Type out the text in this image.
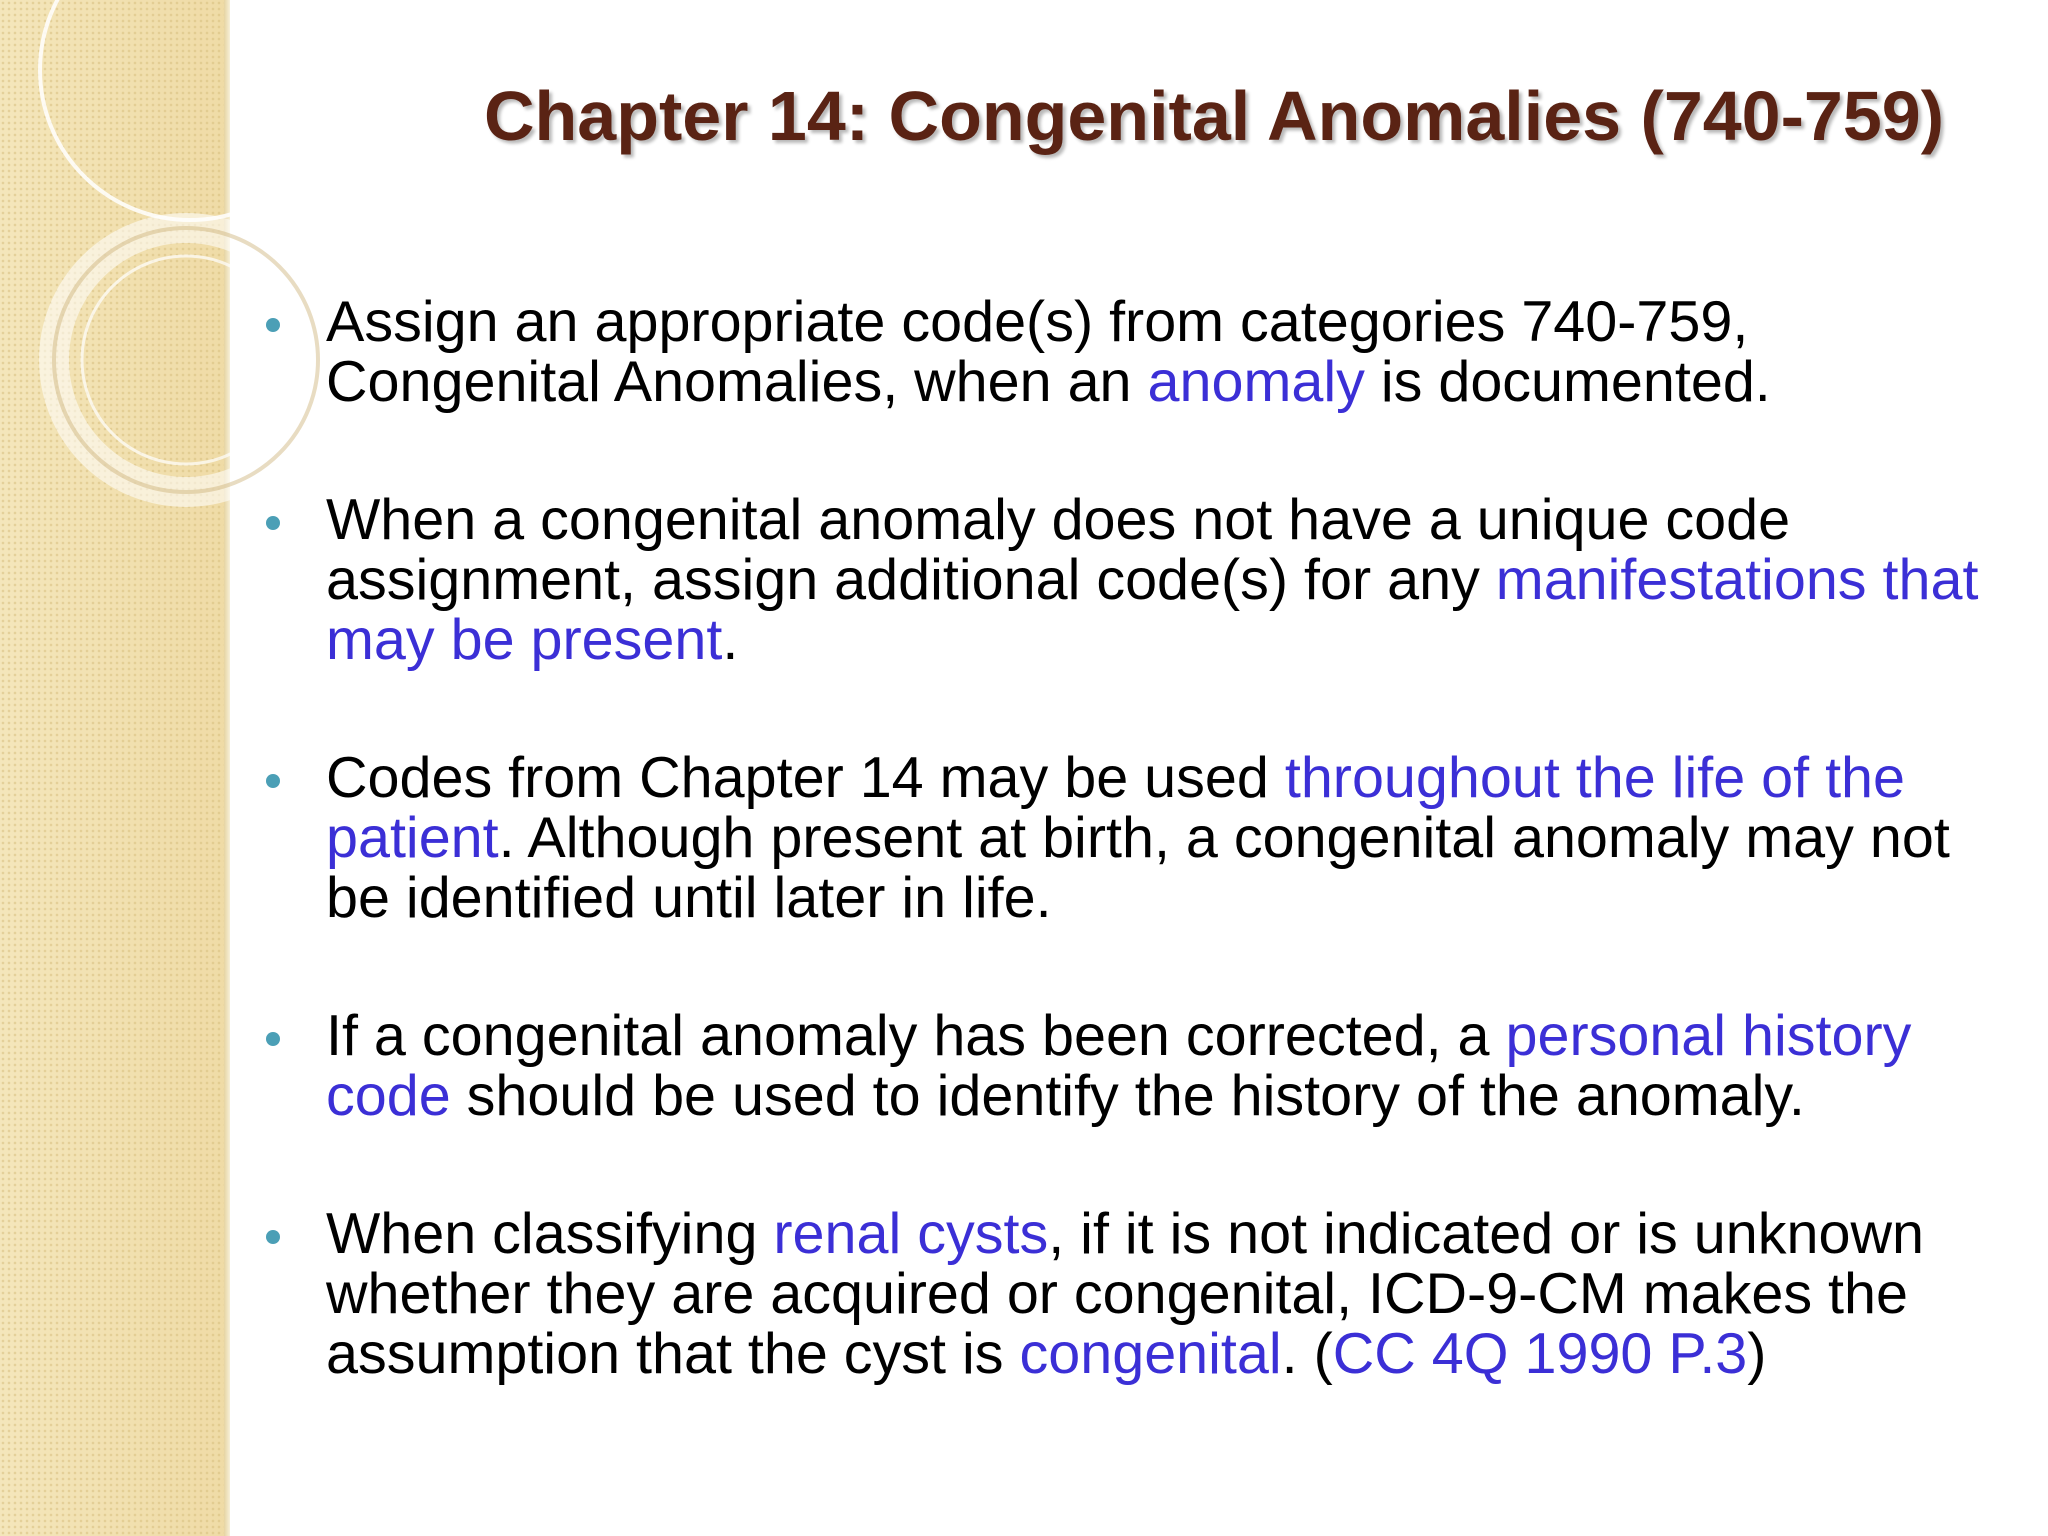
Chapter 14: Congenital Anomalies (740-759)
Assign an appropriate code(s) from categories 740-759, Congenital Anomalies, when an anomaly is documented.
When a congenital anomaly does not have a unique code assignment, assign additional code(s) for any manifestations that may be present.
Codes from Chapter 14 may be used throughout the life of the patient. Although present at birth, a congenital anomaly may not be identified until later in life.
If a congenital anomaly has been corrected, a personal history code should be used to identify the history of the anomaly.
When classifying renal cysts, if it is not indicated or is unknown whether they are acquired or congenital, ICD-9-CM makes the assumption that the cyst is congenital. (CC 4Q 1990 P.3)
